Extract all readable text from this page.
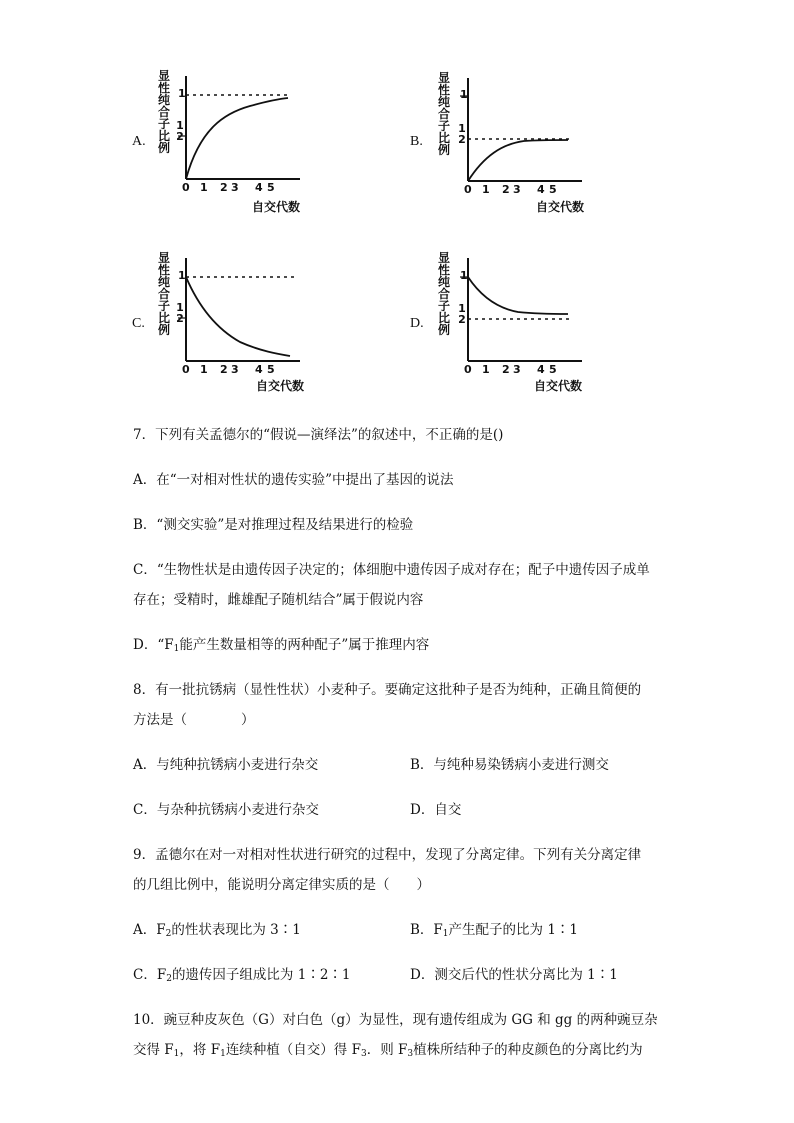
A.
显
性
纯
合
子
比
例
1
1
2
0 1 2 3 4 5
自交代数
B.
显
性
纯
合
子
比
例
1
1
2
0 1 2 3 4 5
自交代数
C.
显
性
纯
合
子
比
例
1
1
2
0 1 2 3 4 5
自交代数
D.
显
性
纯
合
子
比
例
1
1
2
0 1 2 3 4 5
自交代数
7．下列有关孟德尔的“假说—演绎法”的叙述中，不正确的是()
A．在“一对相对性状的遗传实验”中提出了基因的说法
B．“测交实验”是对推理过程及结果进行的检验
C．“生物性状是由遗传因子决定的；体细胞中遗传因子成对存在；配子中遗传因子成单
存在；受精时，雌雄配子随机结合”属于假说内容
D．“$F_1$能产生数量相等的两种配子”属于推理内容
8．有一批抗锈病（显性性状）小麦种子。要确定这批种子是否为纯种，正确且简便的
方法是（　　　　）
A．与纯种抗锈病小麦进行杂交	B．与纯种易染锈病小麦进行测交
C．与杂种抗锈病小麦进行杂交	D．自交
9．孟德尔在对一对相对性状进行研究的过程中，发现了分离定律。下列有关分离定律
的几组比例中，能说明分离定律实质的是（　　）
A．$F_2$的性状表现比为 3∶1	B．$F_1$产生配子的比为 1∶1
C．$F_2$的遗传因子组成比为 1∶2∶1	D．测交后代的性状分离比为 1∶1
10．豌豆种皮灰色（G）对白色（g）为显性，现有遗传组成为 GG 和 gg 的两种豌豆杂
交得 $F_1$，将 $F_1$连续种植（自交）得 $F_3$．则 $F_3$植株所结种子的种皮颜色的分离比约为
